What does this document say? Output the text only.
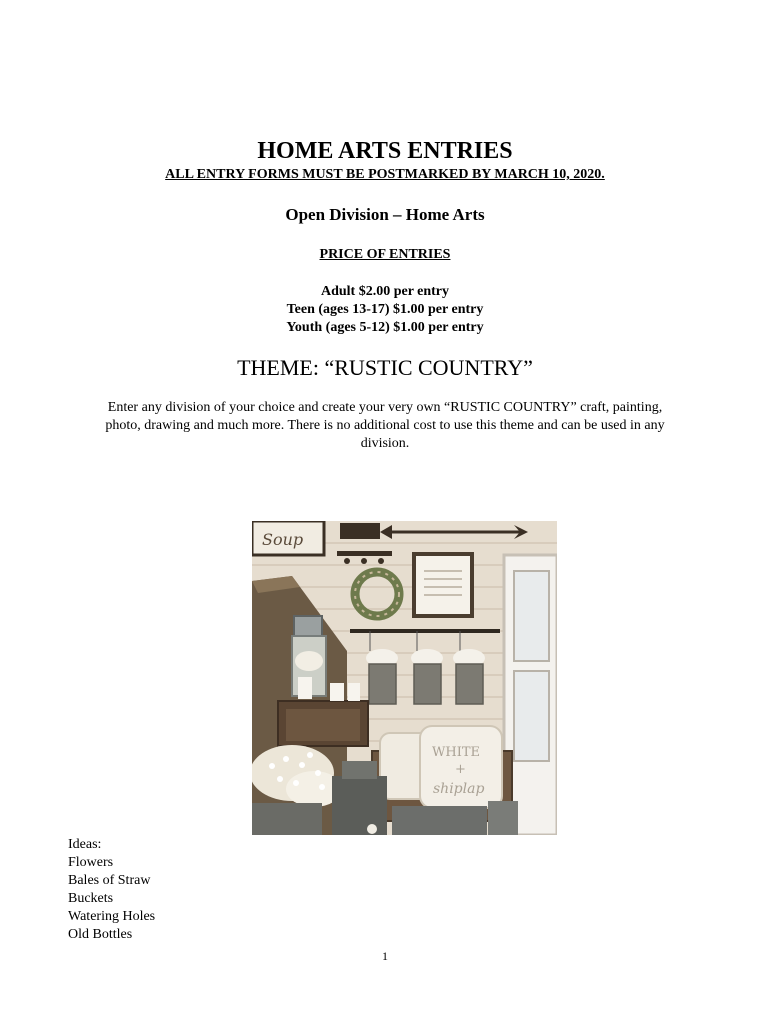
HOME ARTS ENTRIES
ALL ENTRY FORMS MUST BE POSTMARKED BY MARCH 10, 2020.
Open Division – Home Arts
PRICE OF ENTRIES
Adult $2.00 per entry
Teen (ages 13-17) $1.00 per entry
Youth (ages 5-12) $1.00 per entry
THEME: “RUSTIC COUNTRY”
Enter any division of your choice and create your very own “RUSTIC COUNTRY” craft, painting,
photo, drawing and much more. There is no additional cost to use this theme and can be used in any
division.
Soup
WHITE
+
shiplap
Ideas:
Flowers
Bales of Straw
Buckets
Watering Holes
Old Bottles
1
